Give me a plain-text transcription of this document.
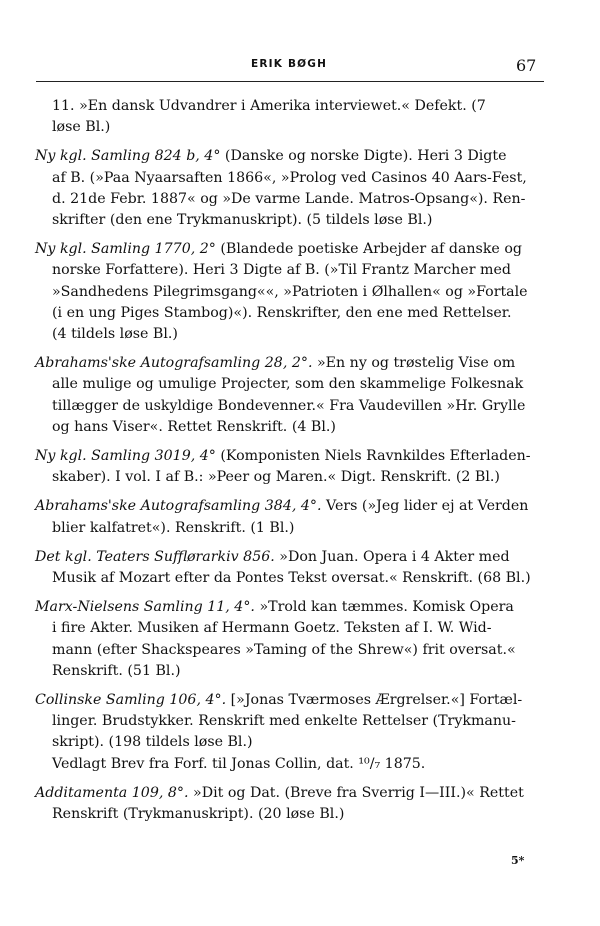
ERIK BØGH	67
11. »En dansk Udvandrer i Amerika interviewet.« Defekt. (7
løse Bl.)
Ny kgl. Samling 824 b, 4° (Danske og norske Digte). Heri 3 Digte
af B. (»Paa Nyaarsaften 1866«, »Prolog ved Casinos 40 Aars-Fest,
d. 21de Febr. 1887« og »De varme Lande. Matros-Opsang«). Ren-
skrifter (den ene Trykmanuskript). (5 tildels løse Bl.)
Ny kgl. Samling 1770, 2° (Blandede poetiske Arbejder af danske og
norske Forfattere). Heri 3 Digte af B. (»Til Frantz Marcher med
»Sandhedens Pilegrimsgang««, »Patrioten i Ølhallen« og »Fortale
(i en ung Piges Stambog)«). Renskrifter, den ene med Rettelser.
(4 tildels løse Bl.)
Abrahams'ske Autografsamling 28, 2°. »En ny og trøstelig Vise om
alle mulige og umulige Projecter, som den skammelige Folkesnak
tillægger de uskyldige Bondevenner.« Fra Vaudevillen »Hr. Grylle
og hans Viser«. Rettet Renskrift. (4 Bl.)
Ny kgl. Samling 3019, 4° (Komponisten Niels Ravnkildes Efterladen-
skaber). I vol. I af B.: »Peer og Maren.« Digt. Renskrift. (2 Bl.)
Abrahams'ske Autografsamling 384, 4°. Vers (»Jeg lider ej at Verden
blier kalfatret«). Renskrift. (1 Bl.)
Det kgl. Teaters Sufflørarkiv 856. »Don Juan. Opera i 4 Akter med
Musik af Mozart efter da Pontes Tekst oversat.« Renskrift. (68 Bl.)
Marx-Nielsens Samling 11, 4°. »Trold kan tæmmes. Komisk Opera
i fire Akter. Musiken af Hermann Goetz. Teksten af I. W. Wid-
mann (efter Shackspeares »Taming of the Shrew«) frit oversat.«
Renskrift. (51 Bl.)
Collinske Samling 106, 4°. [»Jonas Tværmoses Ærgrelser.«] Fortæl-
linger. Brudstykker. Renskrift med enkelte Rettelser (Trykmanu-
skript). (198 tildels løse Bl.)
Vedlagt Brev fra Forf. til Jonas Collin, dat. ¹⁰/₇ 1875.
Additamenta 109, 8°. »Dit og Dat. (Breve fra Sverrig I—III.)« Rettet
Renskrift (Trykmanuskript). (20 løse Bl.)
5*
